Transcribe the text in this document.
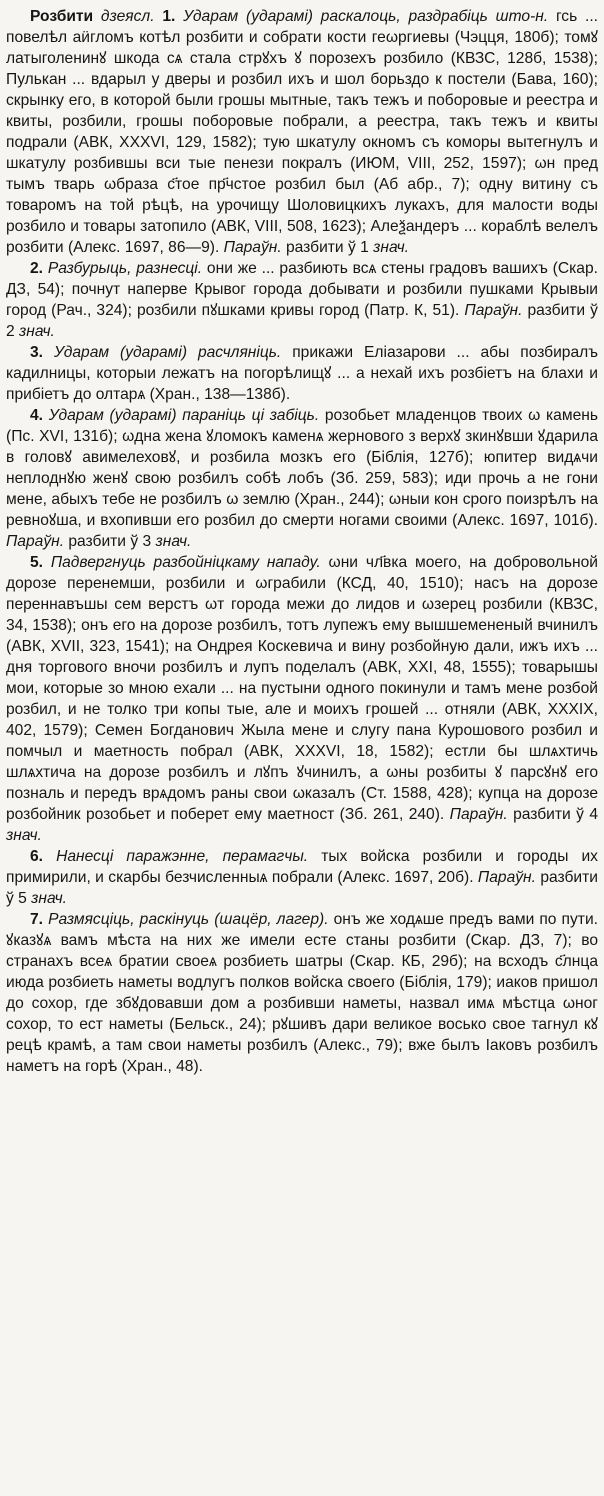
Розбити дзеясл. 1. Ударам (ударамі) раскалоць, раздрабіць што-н. гсь ... повелѣл аӥгломъ котѣл розбити и собрати кости геωргиевы (Чэцця, 180б); томꙋ латыголенинꙋ шкода сѧ стала стрꙋхъ ꙋ порозехъ розбило (КВЗС, 128б, 1538); Пулькан ... вдарыл у дверы и розбил ихъ и шол борьздо к постели (Бава, 160); скрынку его, в которой были грошы мытные, такъ тежъ и поборовые и реестра и квиты, розбили, грошы поборовые побрали, а реестра, такъ тежъ и квиты подрали (АВК, XXXVI, 129, 1582); тую шкатулу окномъ съ коморы вытегнулъ и шкатулу розбившы вси тые пенези покралъ (ИЮМ, VIII, 252, 1597); ωн пред тымъ тварь ωбраза с҃тое пр҃чстое розбил был (Аб абр., 7); одну витину съ товаромъ на той рѣцѣ, на урочищу Шоловицкихъ лукахъ, для малости воды розбило и товары затопило (АВК, VIII, 508, 1623); Алеѯандеръ ... кораблѣ велелъ розбити (Алекс. 1697, 86—9). Параўн. разбити ў 1 знач.

2. Разбурыць, разнесці. они же ... разбиють всѧ стены градовъ вашихъ (Скар. ДЗ, 54); почнут наперве Крывог города добывати и розбили пушками Крывыи город (Рач., 324); розбили пꙋшками кривы город (Патр. К, 51). Параўн. разбити ў 2 знач.

3. Ударам (ударамі) расчляніць. прикажи Еліазарови ... абы позбиралъ кадилницы, которыи лежатъ на погорѣлищꙋ ... а нехай ихъ розбіетъ на блахи и прибіетъ до олтарѧ (Хран., 138—138б).

4. Ударам (ударамі) параніць ці забіць. розобьет младенцов твоих ω камень (Пс. XVI, 131б); ωдна жена ꙋломокъ каменѧ жернового з верхꙋ зкинꙋвши ꙋдарила в головꙋ авимелеховꙋ, и розбила мозкъ его (Біблія, 127б); юпитер видѧчи неплоднꙋю женꙋ свою розбилъ собѣ лобъ (Зб. 259, 583); иди прочь а не гони мене, абыхъ тебе не розбилъ ω землю (Хран., 244); ωныи кон срого поизрѣлъ на ревноꙋша, и вхопивши его розбил до смерти ногами своими (Алекс. 1697, 101б). Параўн. разбити ў 3 знач.

5. Падвергнуць разбойніцкаму нападу. ωни чл҃вка моего, на добровольной дорозе перенемши, розбили и ωграбили (КСД, 40, 1510); насъ на дорозе переннавъшы сем верстъ ωт города межи до лидов и ωзерец розбили (КВЗС, 34, 1538); онъ его на дорозе розбилъ, тотъ лупежъ ему вышшемененый вчинилъ (АВК, XVII, 323, 1541); на Ондрея Коскевича и вину розбойную дали, ижъ ихъ ... дня торгового вночи розбилъ и лупъ поделалъ (АВК, XXI, 48, 1555); товарышы мои, которые зо мною ехали ... на пустыни одного покинули и тамъ мене розбой розбил, и не толко три копы тые, але и моихъ грошей ... отняли (АВК, XXXIX, 402, 1579); Семен Богданович Жыла мене и слугу пана Курошового розбил и помчыл и маетность побрал (АВК, XXXVI, 18, 1582); естли бы шлѧхтичь шлѧхтича на дорозе розбилъ и лꙋпъ ꙋчинилъ, а ωны розбиты ꙋ парсꙋнꙋ его позналь и передъ врѧдомъ раны свои ωказалъ (Ст. 1588, 428); купца на дорозе розбойник розобьет и поберет ему маетност (Зб. 261, 240). Параўн. разбити ў 4 знач.

6. Нанесці паражэнне, перамагчы. тых войска розбили и городы их примирили, и скарбы безчисленныѧ побрали (Алекс. 1697, 20б). Параўн. разбити ў 5 знач.

7. Размясціць, раскінуць (шацёр, лагер). онъ же ходѧше предъ вами по пути. ꙋказꙋѧ вамъ мѣста на них же имели есте станы розбити (Скар. ДЗ, 7); во странахъ всеѧ братии своеѧ розбиеть шатры (Скар. КБ, 29б); на всходъ с҃лнца июда розбиеть наметы водлугъ полков войска своего (Біблія, 179); иаков пришол до сохор, где збꙋдовавши дом а розбивши наметы, назвал имѧ мѣстца ωног сохор, то ест наметы (Бельск., 24); рꙋшивъ дари великое восько свое тагнул кꙋ рецѣ крамѣ, а там свои наметы розбилъ (Алекс., 79); вже былъ Іаковъ розбилъ наметъ на горѣ (Хран., 48).
